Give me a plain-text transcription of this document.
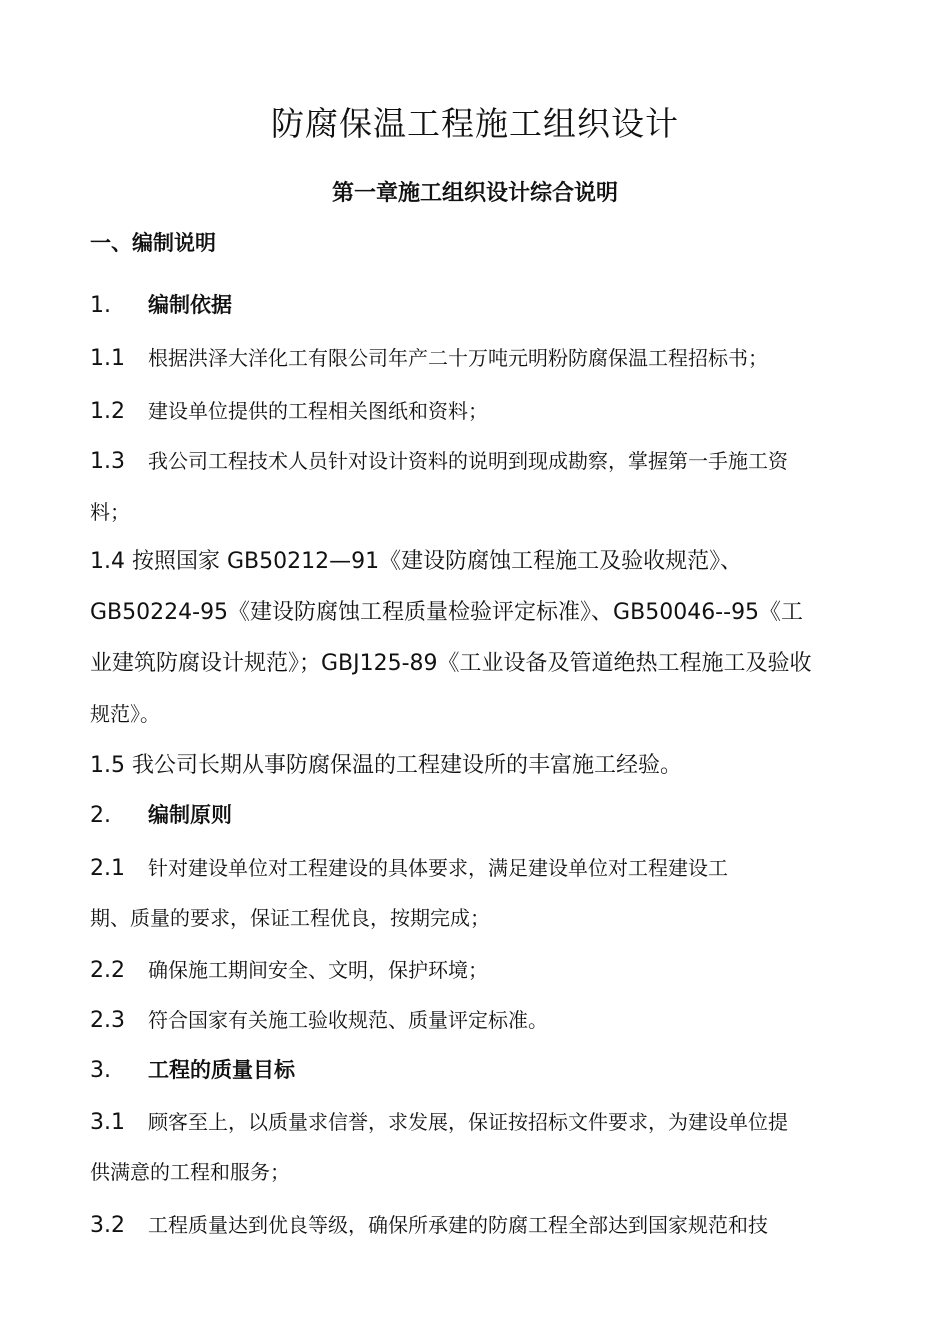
防腐保温工程施工组织设计
第一章施工组织设计综合说明
一、编制说明
1. 编制依据
1.1 根据洪泽大洋化工有限公司年产二十万吨元明粉防腐保温工程招标书；
1.2 建设单位提供的工程相关图纸和资料；
1.3 我公司工程技术人员针对设计资料的说明到现成勘察，掌握第一手施工资
料；
1.4 按照国家 GB50212—91《建设防腐蚀工程施工及验收规范》、
GB50224-95《建设防腐蚀工程质量检验评定标准》、GB50046--95《工
业建筑防腐设计规范》；GBJ125-89《工业设备及管道绝热工程施工及验收
规范》。
1.5 我公司长期从事防腐保温的工程建设所的丰富施工经验。
2. 编制原则
2.1 针对建设单位对工程建设的具体要求，满足建设单位对工程建设工
期、质量的要求，保证工程优良，按期完成；
2.2 确保施工期间安全、文明，保护环境；
2.3 符合国家有关施工验收规范、质量评定标准。
3. 工程的质量目标
3.1 顾客至上，以质量求信誉，求发展，保证按招标文件要求，为建设单位提
供满意的工程和服务；
3.2 工程质量达到优良等级，确保所承建的防腐工程全部达到国家规范和技
